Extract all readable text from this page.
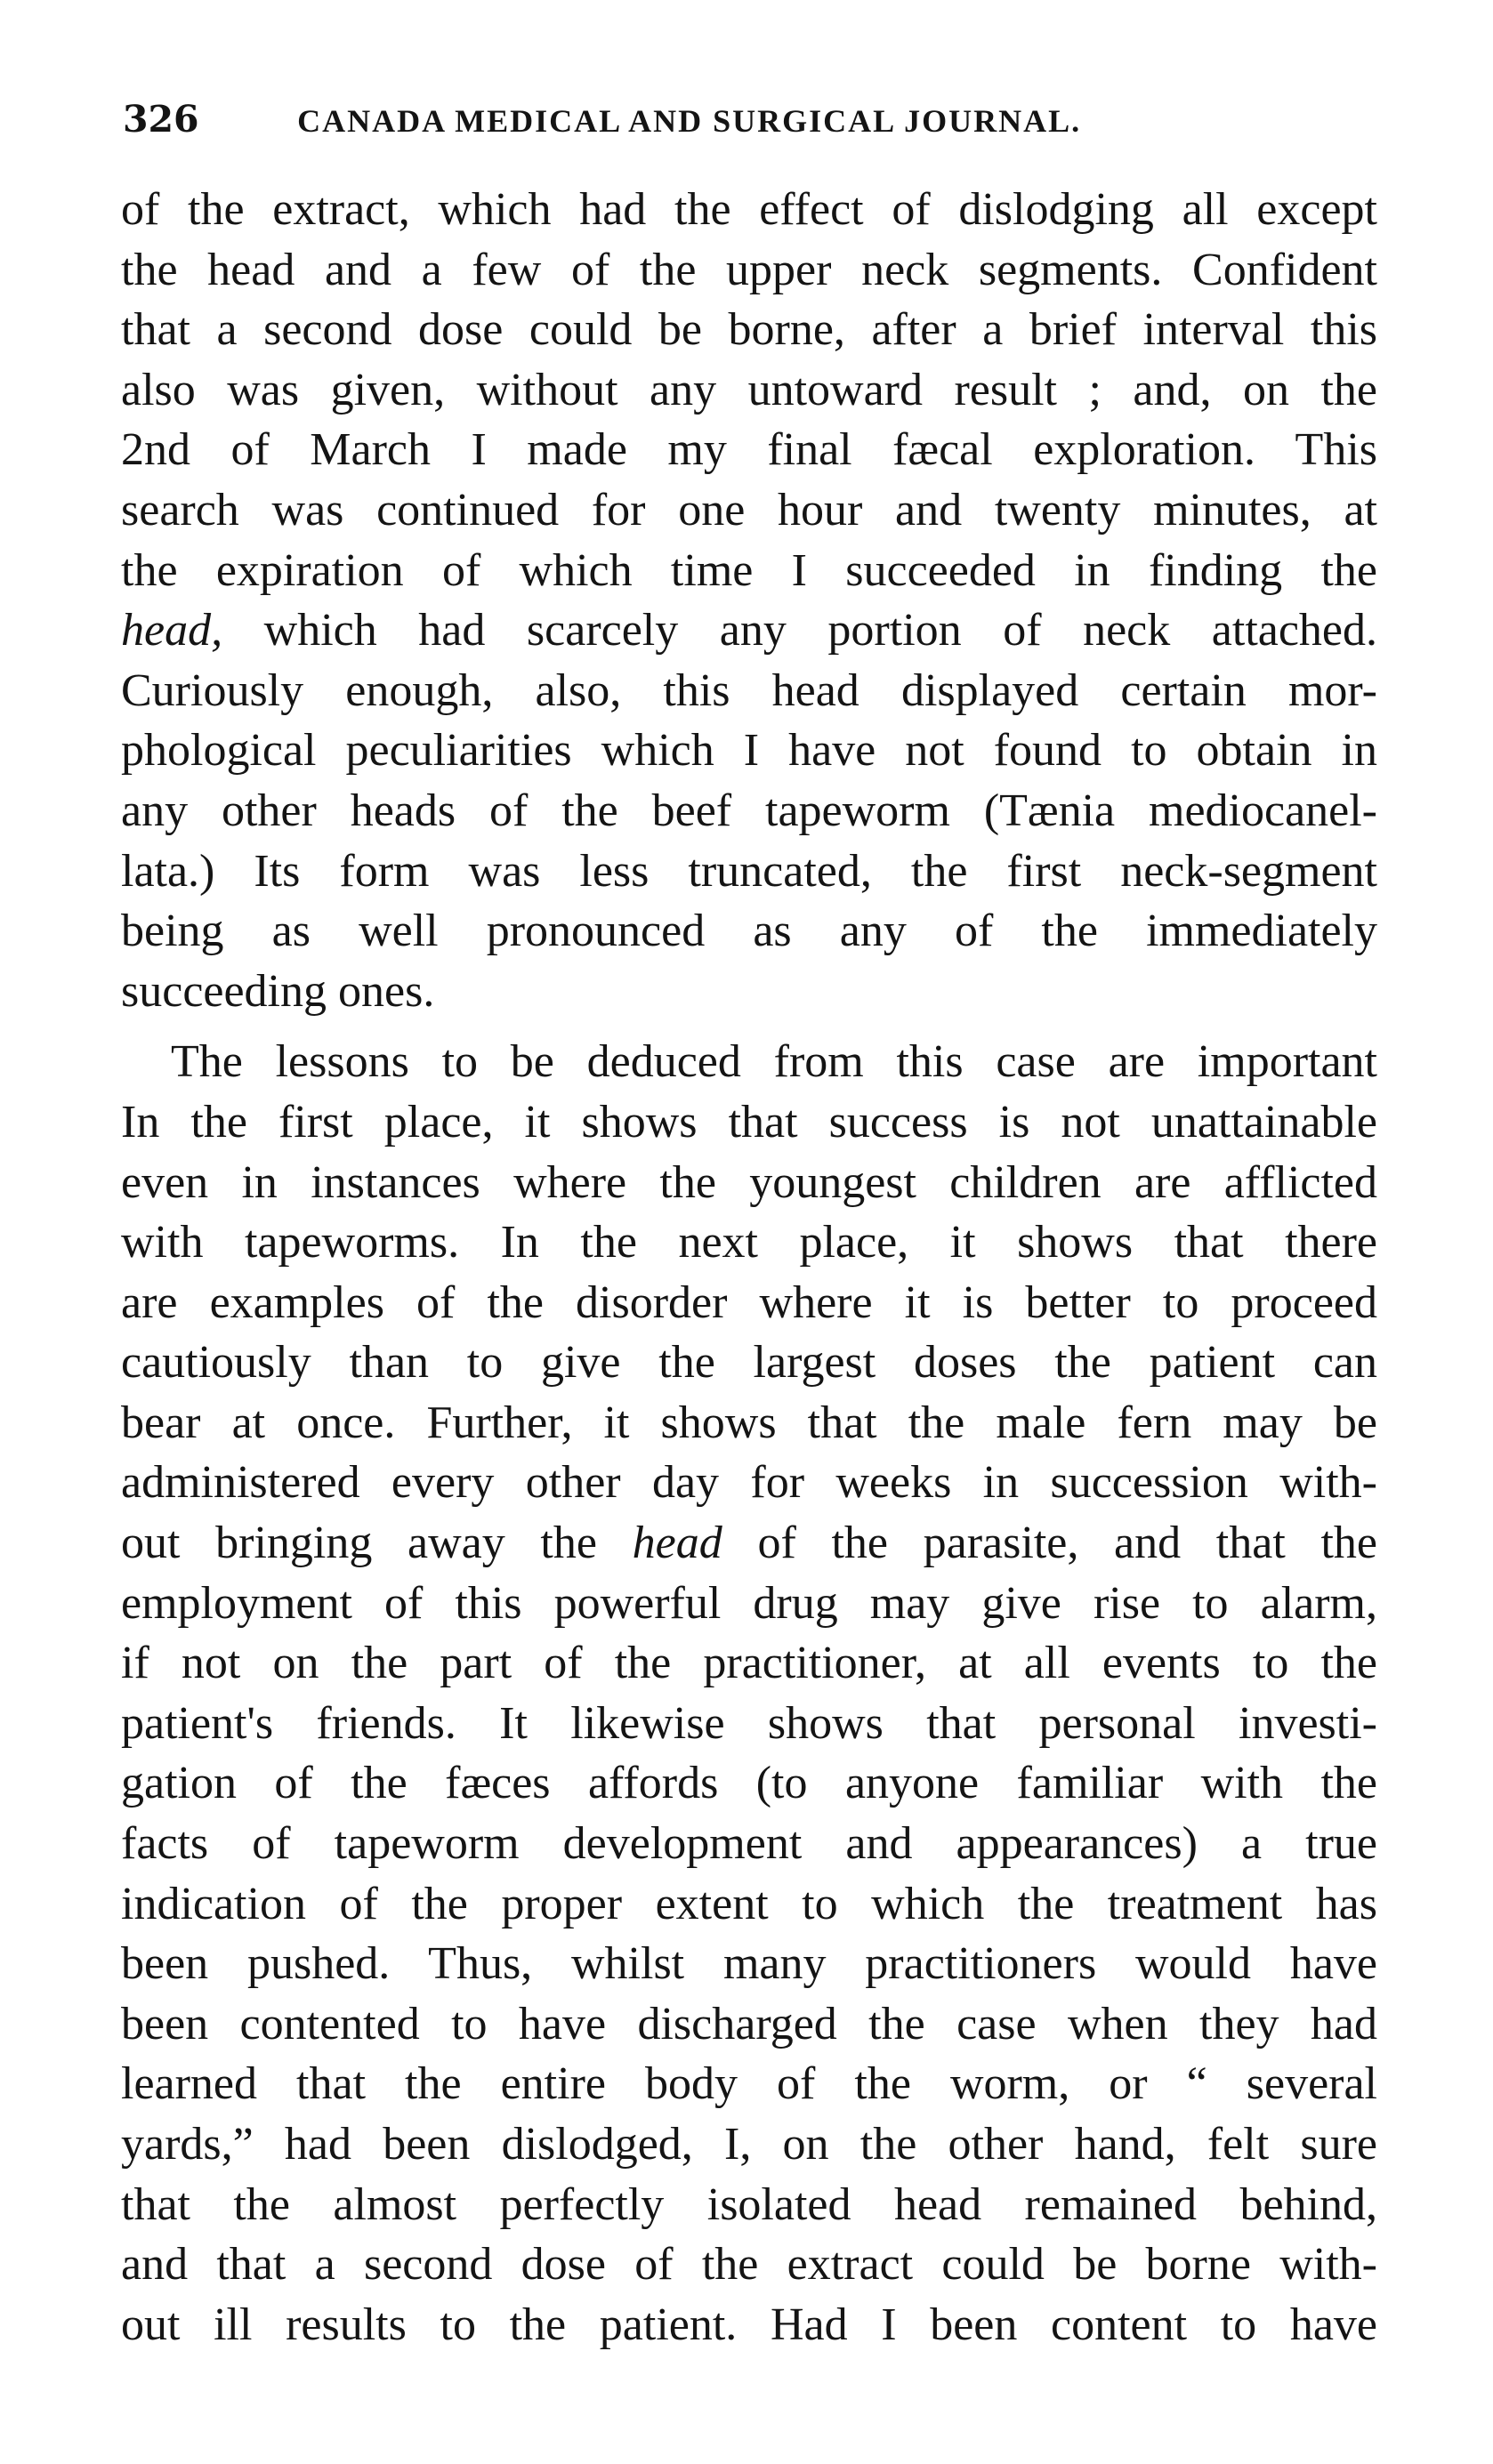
326	CANADA MEDICAL AND SURGICAL JOURNAL.
of the extract, which had the effect of dislodging all except
the head and a few of the upper neck segments. Confident
that a second dose could be borne, after a brief interval this
also was given, without any untoward result ; and, on the
2nd of March I made my final fæcal exploration. This
search was continued for one hour and twenty minutes, at
the expiration of which time I succeeded in finding the
head, which had scarcely any portion of neck attached.
Curiously enough, also, this head displayed certain mor-
phological peculiarities which I have not found to obtain in
any other heads of the beef tapeworm (Tænia mediocanel-
lata.) Its form was less truncated, the first neck-segment
being as well pronounced as any of the immediately
succeeding ones.
The lessons to be deduced from this case are important
In the first place, it shows that success is not unattainable
even in instances where the youngest children are afflicted
with tapeworms. In the next place, it shows that there
are examples of the disorder where it is better to proceed
cautiously than to give the largest doses the patient can
bear at once. Further, it shows that the male fern may be
administered every other day for weeks in succession with-
out bringing away the head of the parasite, and that the
employment of this powerful drug may give rise to alarm,
if not on the part of the practitioner, at all events to the
patient's friends. It likewise shows that personal investi-
gation of the fæces affords (to anyone familiar with the
facts of tapeworm development and appearances) a true
indication of the proper extent to which the treatment has
been pushed. Thus, whilst many practitioners would have
been contented to have discharged the case when they had
learned that the entire body of the worm, or “ several
yards,” had been dislodged, I, on the other hand, felt sure
that the almost perfectly isolated head remained behind,
and that a second dose of the extract could be borne with-
out ill results to the patient. Had I been content to have
